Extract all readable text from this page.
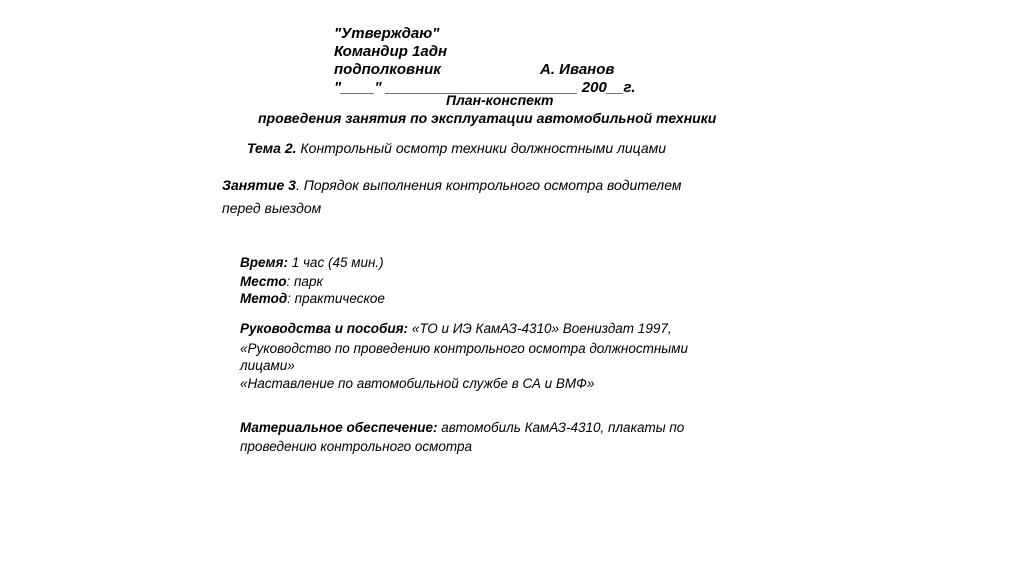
"Утверждаю"
Командир 1адн
подполковник	А. Иванов
"____" _______________________ 200__г.
План-конспект
проведения занятия по эксплуатации автомобильной техники
Тема 2. Контрольный осмотр техники должностными лицами
Занятие 3. Порядок выполнения контрольного осмотра водителем
перед выездом
Время: 1 час (45 мин.)
Место: парк
Метод: практическое
Руководства и пособия: «ТО и ИЭ КамАЗ-4310» Воениздат 1997,
«Руководство по проведению контрольного осмотра должностными
лицами»
«Наставление по автомобильной службе в СА и ВМФ»
Материальное обеспечение: автомобиль КамАЗ-4310, плакаты по
проведению контрольного осмотра
